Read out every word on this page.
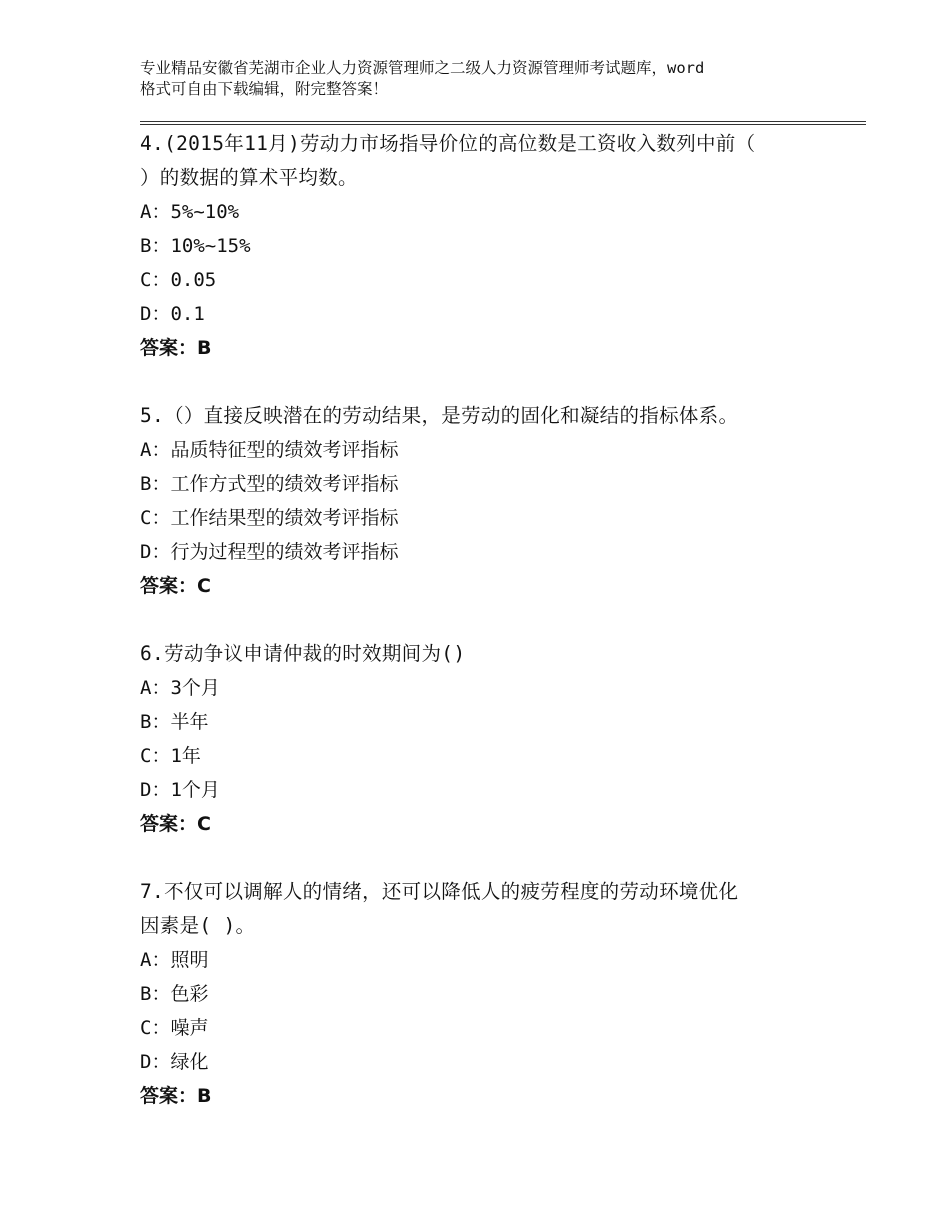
专业精品安徽省芜湖市企业人力资源管理师之二级人力资源管理师考试题库，word
格式可自由下载编辑，附完整答案！
4.(2015年11月)劳动力市场指导价位的高位数是工资收入数列中前（
）的数据的算术平均数。
A：5%~10%
B：10%~15%
C：0.05
D：0.1
答案：B
5.（）直接反映潜在的劳动结果，是劳动的固化和凝结的指标体系。
A：品质特征型的绩效考评指标
B：工作方式型的绩效考评指标
C：工作结果型的绩效考评指标
D：行为过程型的绩效考评指标
答案：C
6.劳动争议申请仲裁的时效期间为()
A：3个月
B：半年
C：1年
D：1个月
答案：C
7.不仅可以调解人的情绪，还可以降低人的疲劳程度的劳动环境优化
因素是( )。
A：照明
B：色彩
C：噪声
D：绿化
答案：B
